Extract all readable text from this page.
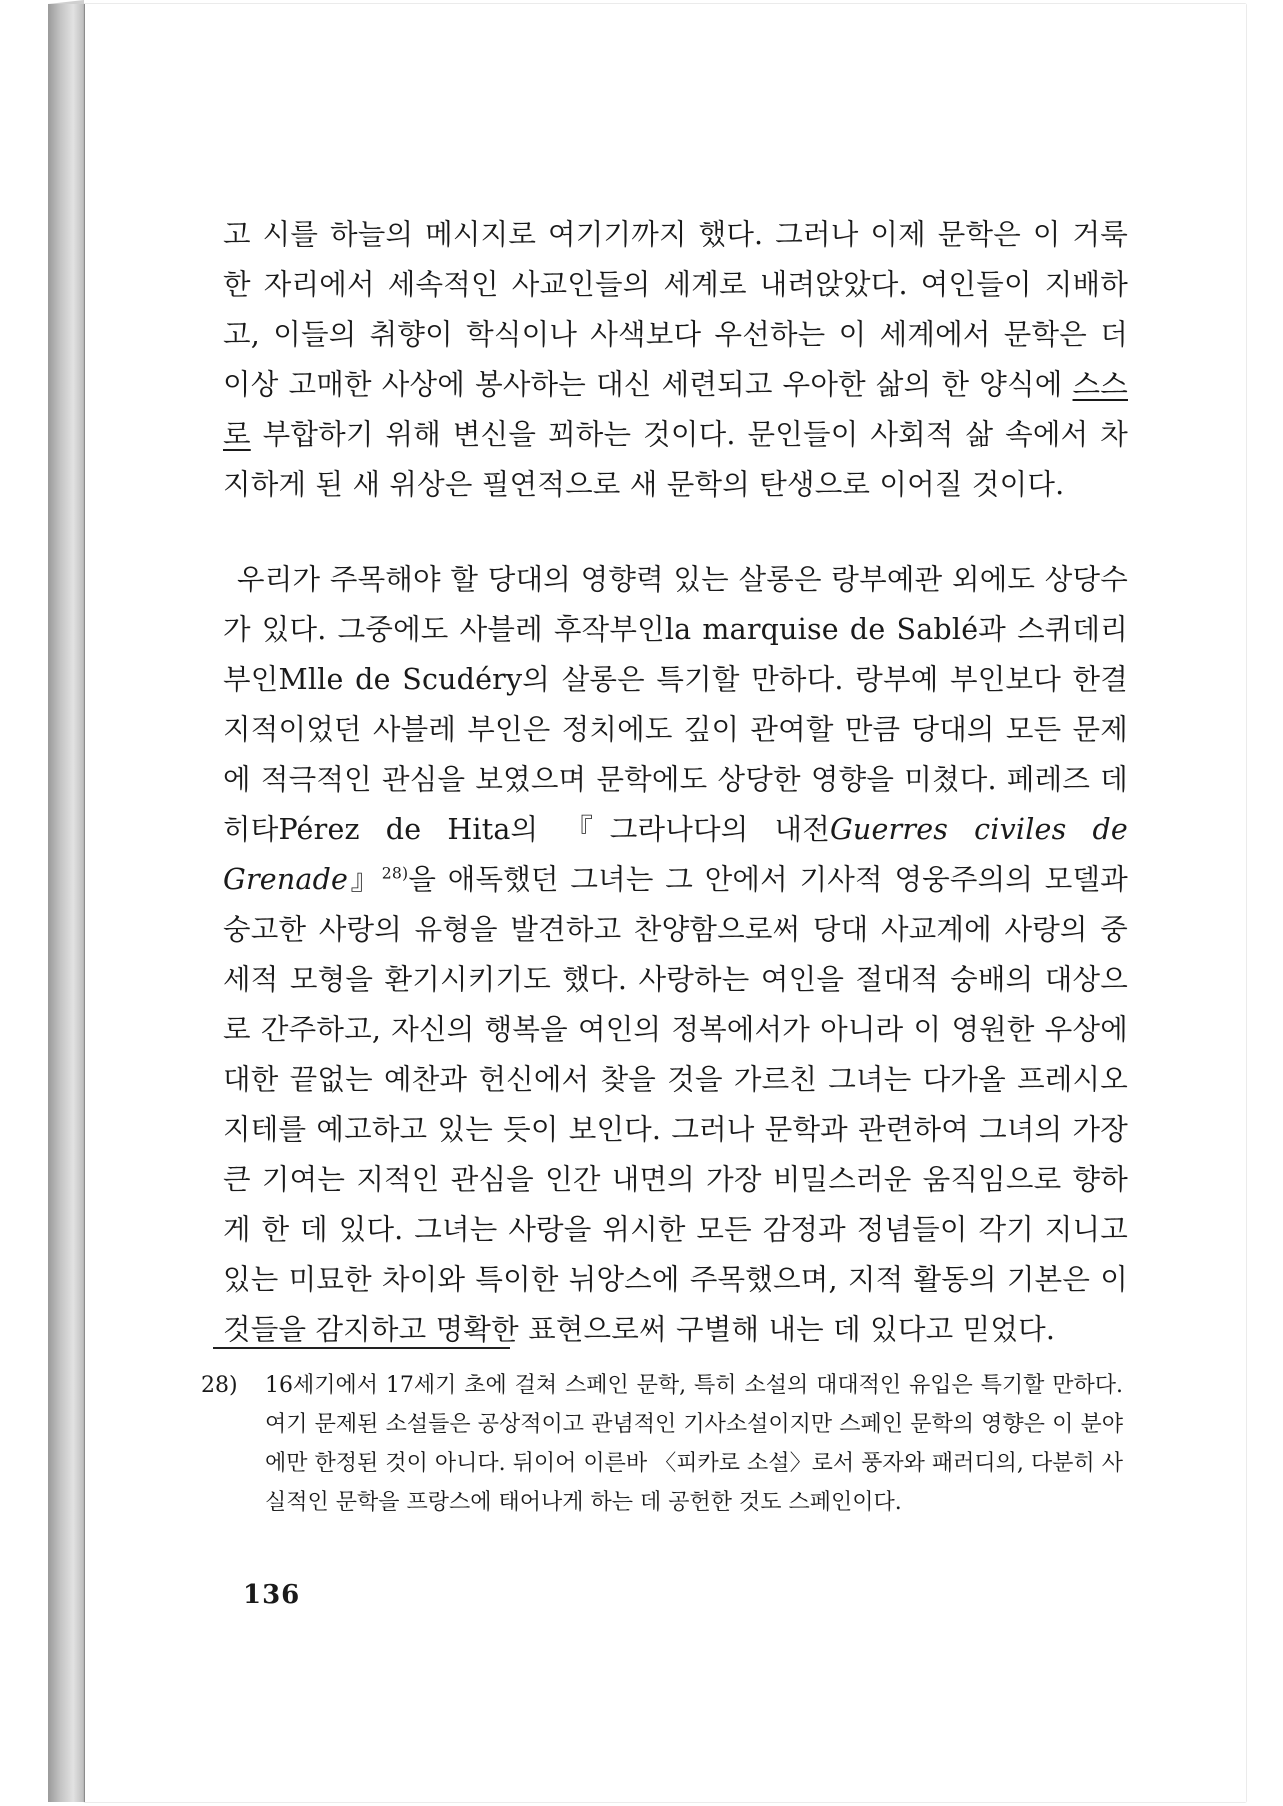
고 시를 하늘의 메시지로 여기기까지 했다. 그러나 이제 문학은 이 거룩한 자리에서 세속적인 사교인들의 세계로 내려앉았다. 여인들이 지배하고, 이들의 취향이 학식이나 사색보다 우선하는 이 세계에서 문학은 더 이상 고매한 사상에 봉사하는 대신 세련되고 우아한 삶의 한 양식에 스스로 부합하기 위해 변신을 꾀하는 것이다. 문인들이 사회적 삶 속에서 차지하게 된 새 위상은 필연적으로 새 문학의 탄생으로 이어질 것이다.

우리가 주목해야 할 당대의 영향력 있는 살롱은 랑부예관 외에도 상당수가 있다. 그중에도 사블레 후작부인la marquise de Sablé과 스퀴데리 부인Mlle de Scudéry의 살롱은 특기할 만하다. 랑부예 부인보다 한결 지적이었던 사블레 부인은 정치에도 깊이 관여할 만큼 당대의 모든 문제에 적극적인 관심을 보였으며 문학에도 상당한 영향을 미쳤다. 페레즈 데 히타Pérez de Hita의 『그라나다의 내전Guerres civiles de Grenade』$^{28)}$을 애독했던 그녀는 그 안에서 기사적 영웅주의의 모델과 숭고한 사랑의 유형을 발견하고 찬양함으로써 당대 사교계에 사랑의 중세적 모형을 환기시키기도 했다. 사랑하는 여인을 절대적 숭배의 대상으로 간주하고, 자신의 행복을 여인의 정복에서가 아니라 이 영원한 우상에 대한 끝없는 예찬과 헌신에서 찾을 것을 가르친 그녀는 다가올 프레시오지테를 예고하고 있는 듯이 보인다. 그러나 문학과 관련하여 그녀의 가장 큰 기여는 지적인 관심을 인간 내면의 가장 비밀스러운 움직임으로 향하게 한 데 있다. 그녀는 사랑을 위시한 모든 감정과 정념들이 각기 지니고 있는 미묘한 차이와 특이한 뉘앙스에 주목했으며, 지적 활동의 기본은 이것들을 감지하고 명확한 표현으로써 구별해 내는 데 있다고 믿었다.

28) 16세기에서 17세기 초에 걸쳐 스페인 문학, 특히 소설의 대대적인 유입은 특기할 만하다. 여기 문제된 소설들은 공상적이고 관념적인 기사소설이지만 스페인 문학의 영향은 이 분야에만 한정된 것이 아니다. 뒤이어 이른바 〈피카로 소설〉로서 풍자와 패러디의, 다분히 사실적인 문학을 프랑스에 태어나게 하는 데 공헌한 것도 스페인이다.

136
